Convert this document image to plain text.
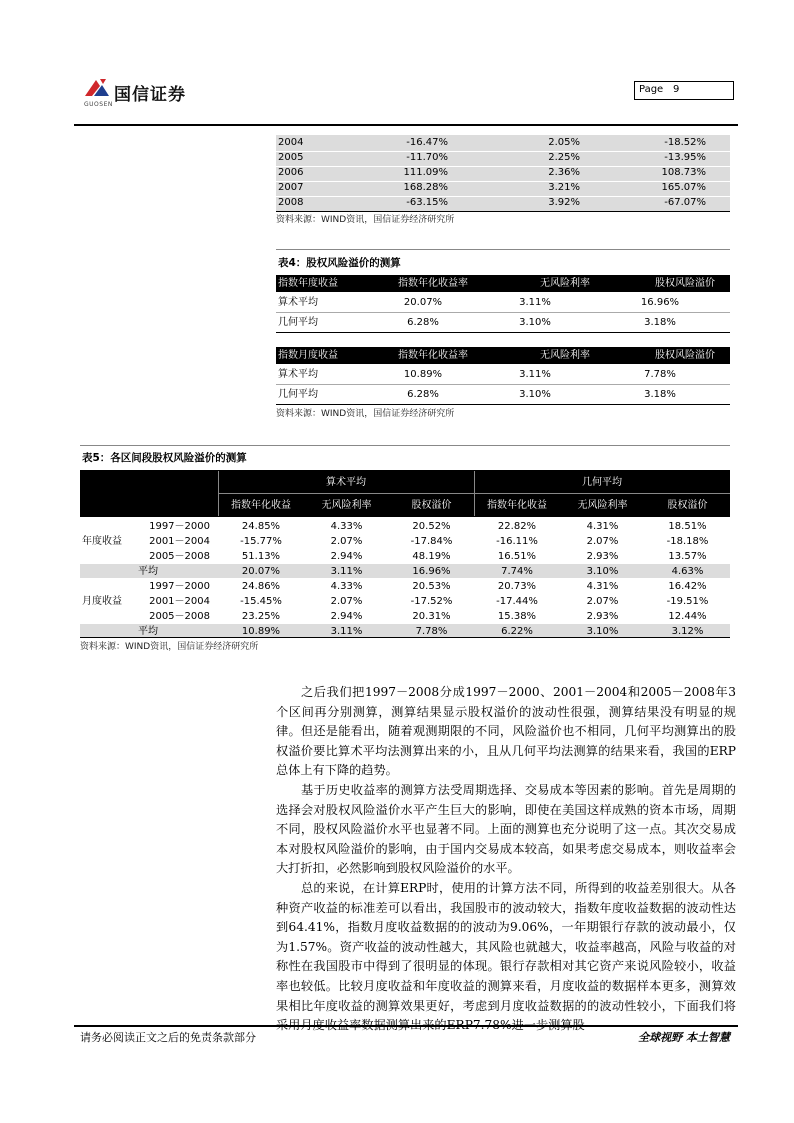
国信证券
GUOSEN
Page 9
2004	-16.47%	2.05%	-18.52%
2005	-11.70%	2.25%	-13.95%
2006	111.09%	2.36%	108.73%
2007	168.28%	3.21%	165.07%
2008	-63.15%	3.92%	-67.07%
资料来源：WIND资讯，国信证券经济研究所
表4：股权风险溢价的测算
指数年度收益	指数年化收益率	无风险利率	股权风险溢价
算术平均	20.07%	3.11%	16.96%
几何平均	6.28%	3.10%	3.18%
指数月度收益	指数年化收益率	无风险利率	股权风险溢价
算术平均	10.89%	3.11%	7.78%
几何平均	6.28%	3.10%	3.18%
资料来源：WIND资讯，国信证券经济研究所
表5：各区间段股权风险溢价的测算
算术平均	几何平均
指数年化收益	无风险利率	股权溢价	指数年化收益	无风险利率	股权溢价
1997－2000	24.85%	4.33%	20.52%	22.82%	4.31%	18.51%
2001－2004	-15.77%	2.07%	-17.84%	-16.11%	2.07%	-18.18%
2005－2008	51.13%	2.94%	48.19%	16.51%	2.93%	13.57%
年度收益
平均	20.07%	3.11%	16.96%	7.74%	3.10%	4.63%
1997－2000	24.86%	4.33%	20.53%	20.73%	4.31%	16.42%
2001－2004	-15.45%	2.07%	-17.52%	-17.44%	2.07%	-19.51%
2005－2008	23.25%	2.94%	20.31%	15.38%	2.93%	12.44%
月度收益
平均	10.89%	3.11%	7.78%	6.22%	3.10%	3.12%
资料来源：WIND资讯，国信证券经济研究所
之后我们把1997－2008分成1997－2000、2001－2004和2005－2008年3个区间再分别测算，测算结果显示股权溢价的波动性很强，测算结果没有明显的规律。但还是能看出，随着观测期限的不同，风险溢价也不相同，几何平均测算出的股权溢价要比算术平均法测算出来的小，且从几何平均法测算的结果来看，我国的ERP总体上有下降的趋势。
基于历史收益率的测算方法受周期选择、交易成本等因素的影响。首先是周期的选择会对股权风险溢价水平产生巨大的影响，即使在美国这样成熟的资本市场，周期不同，股权风险溢价水平也显著不同。上面的测算也充分说明了这一点。其次交易成本对股权风险溢价的影响，由于国内交易成本较高，如果考虑交易成本，则收益率会大打折扣，必然影响到股权风险溢价的水平。
总的来说，在计算ERP时，使用的计算方法不同，所得到的收益差别很大。从各种资产收益的标准差可以看出，我国股市的波动较大，指数年度收益数据的波动性达到64.41%，指数月度收益数据的的波动为9.06%，一年期银行存款的波动最小，仅为1.57%。资产收益的波动性越大，其风险也就越大，收益率越高，风险与收益的对称性在我国股市中得到了很明显的体现。银行存款相对其它资产来说风险较小，收益率也较低。比较月度收益和年度收益的测算来看，月度收益的数据样本更多，测算效果相比年度收益的测算效果更好，考虑到月度收益数据的的波动性较小，下面我们将
请务必阅读正文之后的免责条款部分	全球视野 本土智慧
